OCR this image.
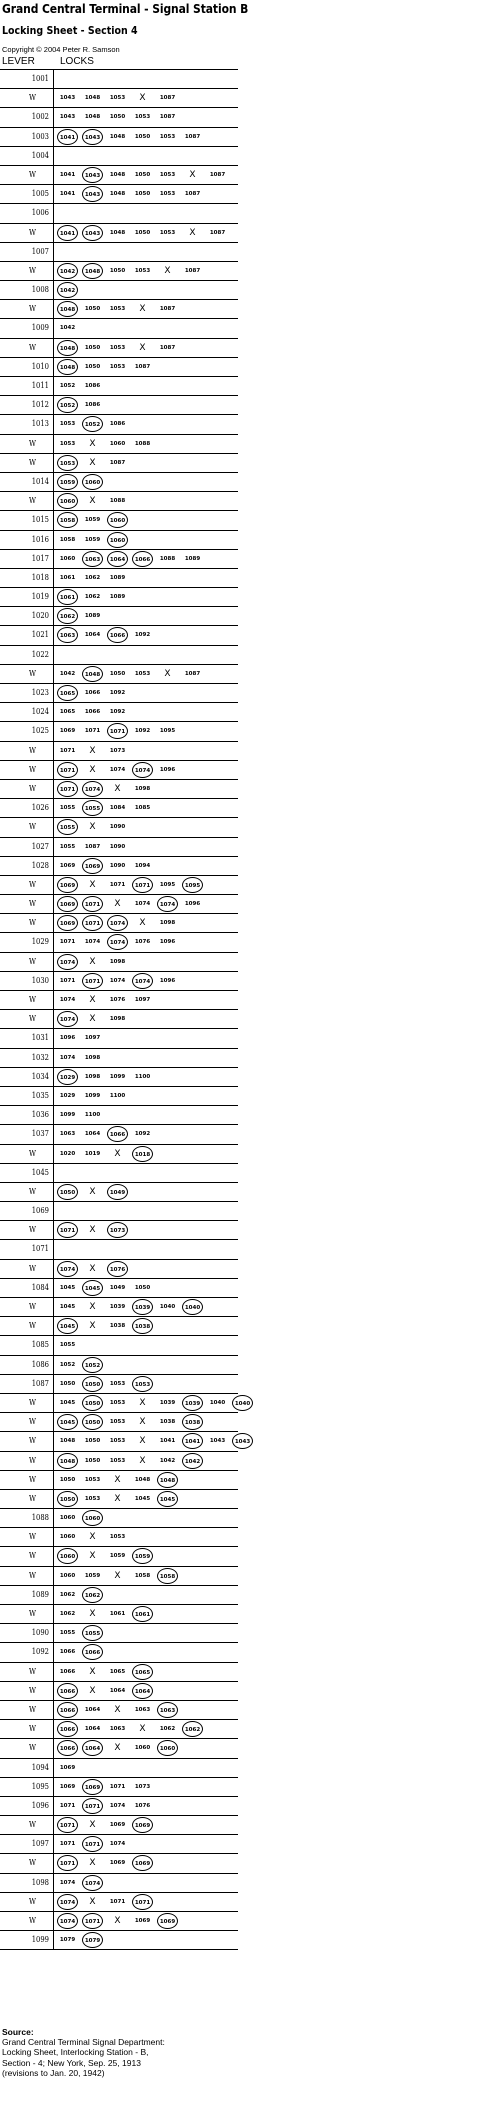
Grand Central Terminal - Signal Station B
Locking Sheet - Section 4
Copyright © 2004 Peter R. Samson
LEVER	LOCKS
1001
W	1043	1048	1053	X	1087
1002	1043	1048	1050	1053	1087
1003	1041	1043	1048	1050	1053	1087
1004
W	1041	1043	1048	1050	1053	X	1087
1005	1041	1043	1048	1050	1053	1087
1006
W	1041	1043	1048	1050	1053	X	1087
1007
W	1042	1048	1050	1053	X	1087
1008	1042
W	1048	1050	1053	X	1087
1009	1042
W	1048	1050	1053	X	1087
1010	1048	1050	1053	1087
1011	1052	1086
1012	1052	1086
1013	1053	1052	1086
W	1053	X	1060	1088
W	1053	X	1087
1014	1059	1060
W	1060	X	1088
1015	1058	1059	1060
1016	1058	1059	1060
1017	1060	1063	1064	1066	1088	1089
1018	1061	1062	1089
1019	1061	1062	1089
1020	1062	1089
1021	1063	1064	1066	1092
1022
W	1042	1048	1050	1053	X	1087
1023	1065	1066	1092
1024	1065	1066	1092
1025	1069	1071	1071	1092	1095
W	1071	X	1073
W	1071	X	1074	1074	1096
W	1071	1074	X	1098
1026	1055	1055	1084	1085
W	1055	X	1090
1027	1055	1087	1090
1028	1069	1069	1090	1094
W	1069	X	1071	1071	1095	1095
W	1069	1071	X	1074	1074	1096
W	1069	1071	1074	X	1098
1029	1071	1074	1074	1076	1096
W	1074	X	1098
1030	1071	1071	1074	1074	1096
W	1074	X	1076	1097
W	1074	X	1098
1031	1096	1097
1032	1074	1098
1034	1029	1098	1099	1100
1035	1029	1099	1100
1036	1099	1100
1037	1063	1064	1066	1092
W	1020	1019	X	1018
1045
W	1050	X	1049
1069
W	1071	X	1073
1071
W	1074	X	1076
1084	1045	1045	1049	1050
W	1045	X	1039	1039	1040	1040
W	1045	X	1038	1038
1085	1055
1086	1052	1052
1087	1050	1050	1053	1053
W	1045	1050	1053	X	1039	1039	1040	1040
W	1045	1050	1053	X	1038	1038
W	1048	1050	1053	X	1041	1041	1043	1043
W	1048	1050	1053	X	1042	1042
W	1050	1053	X	1048	1048
W	1050	1053	X	1045	1045
1088	1060	1060
W	1060	X	1053
W	1060	X	1059	1059
W	1060	1059	X	1058	1058
1089	1062	1062
W	1062	X	1061	1061
1090	1055	1055
1092	1066	1066
W	1066	X	1065	1065
W	1066	X	1064	1064
W	1066	1064	X	1063	1063
W	1066	1064	1063	X	1062	1062
W	1066	1064	X	1060	1060
1094	1069
1095	1069	1069	1071	1073
1096	1071	1071	1074	1076
W	1071	X	1069	1069
1097	1071	1071	1074
W	1071	X	1069	1069
1098	1074	1074
W	1074	X	1071	1071
W	1074	1071	X	1069	1069
1099	1079	1079
Source:
Grand Central Terminal Signal Department:
Locking Sheet, Interlocking Station - B,
Section - 4; New York, Sep. 25, 1913
(revisions to Jan. 20, 1942)
